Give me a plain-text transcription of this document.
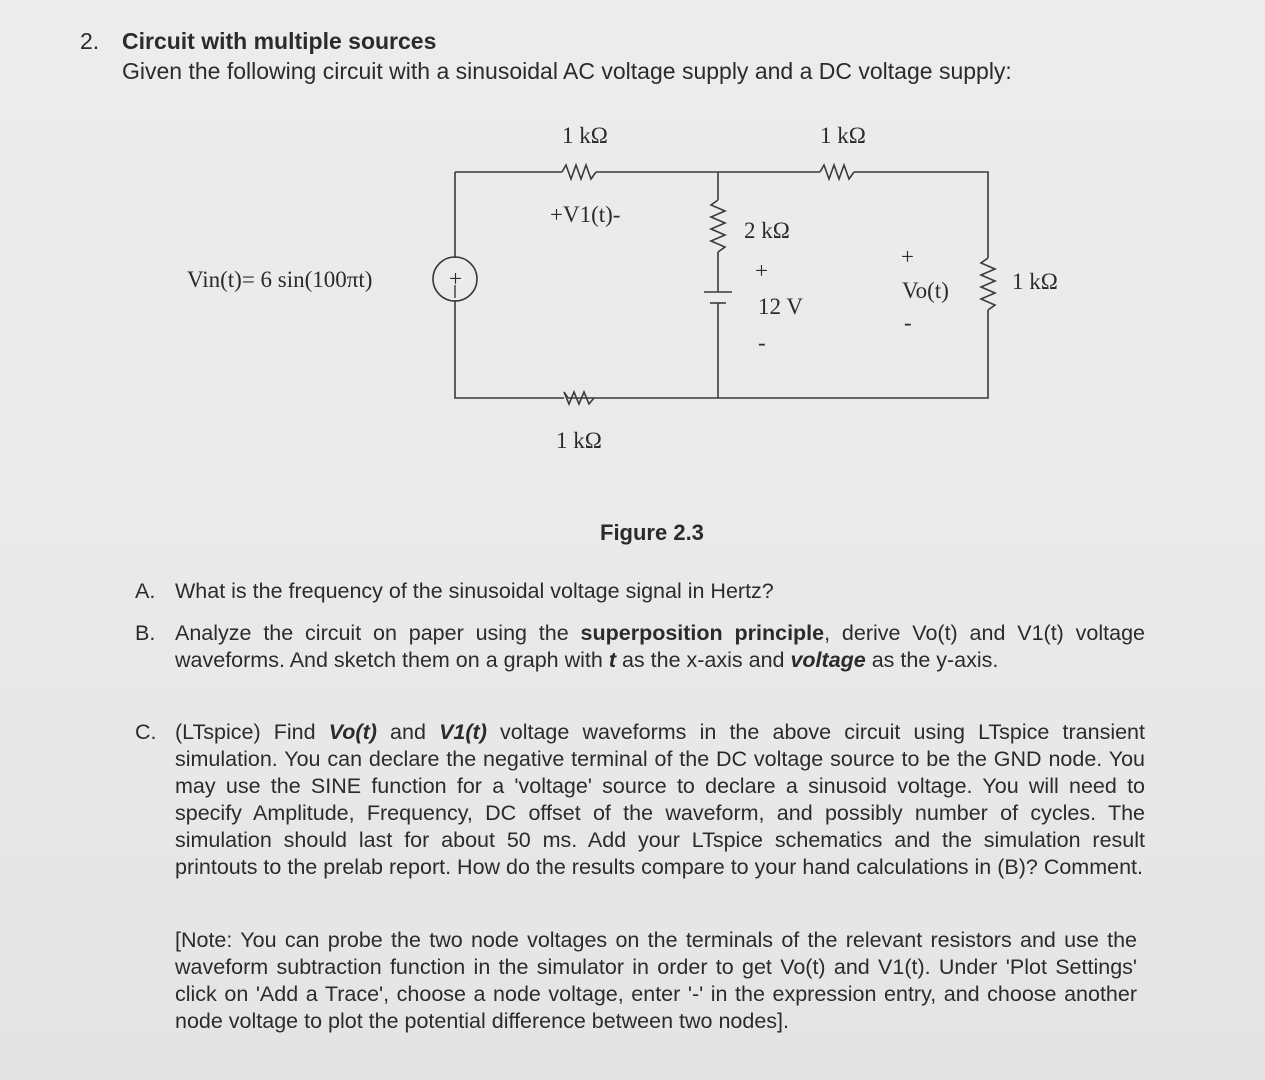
2. Circuit with multiple sources
Given the following circuit with a sinusoidal AC voltage supply and a DC voltage supply:
+
Vin(t)= 6 sin(100πt)
1 kΩ
+V1(t)-
1 kΩ
2 kΩ
+
12 V
-
+
Vo(t)
-
1 kΩ
1 kΩ
Figure 2.3
A. What is the frequency of the sinusoidal voltage signal in Hertz?
B. Analyze the circuit on paper using the superposition principle, derive Vo(t) and V1(t) voltage waveforms. And sketch them on a graph with t as the x-axis and voltage as the y-axis.
C. (LTspice) Find Vo(t) and V1(t) voltage waveforms in the above circuit using LTspice transient simulation. You can declare the negative terminal of the DC voltage source to be the GND node. You may use the SINE function for a 'voltage' source to declare a sinusoid voltage. You will need to specify Amplitude, Frequency, DC offset of the waveform, and possibly number of cycles. The simulation should last for about 50 ms. Add your LTspice schematics and the simulation result printouts to the prelab report. How do the results compare to your hand calculations in (B)? Comment.
[Note: You can probe the two node voltages on the terminals of the relevant resistors and use the waveform subtraction function in the simulator in order to get Vo(t) and V1(t). Under 'Plot Settings' click on 'Add a Trace', choose a node voltage, enter '-' in the expression entry, and choose another node voltage to plot the potential difference between two nodes].
